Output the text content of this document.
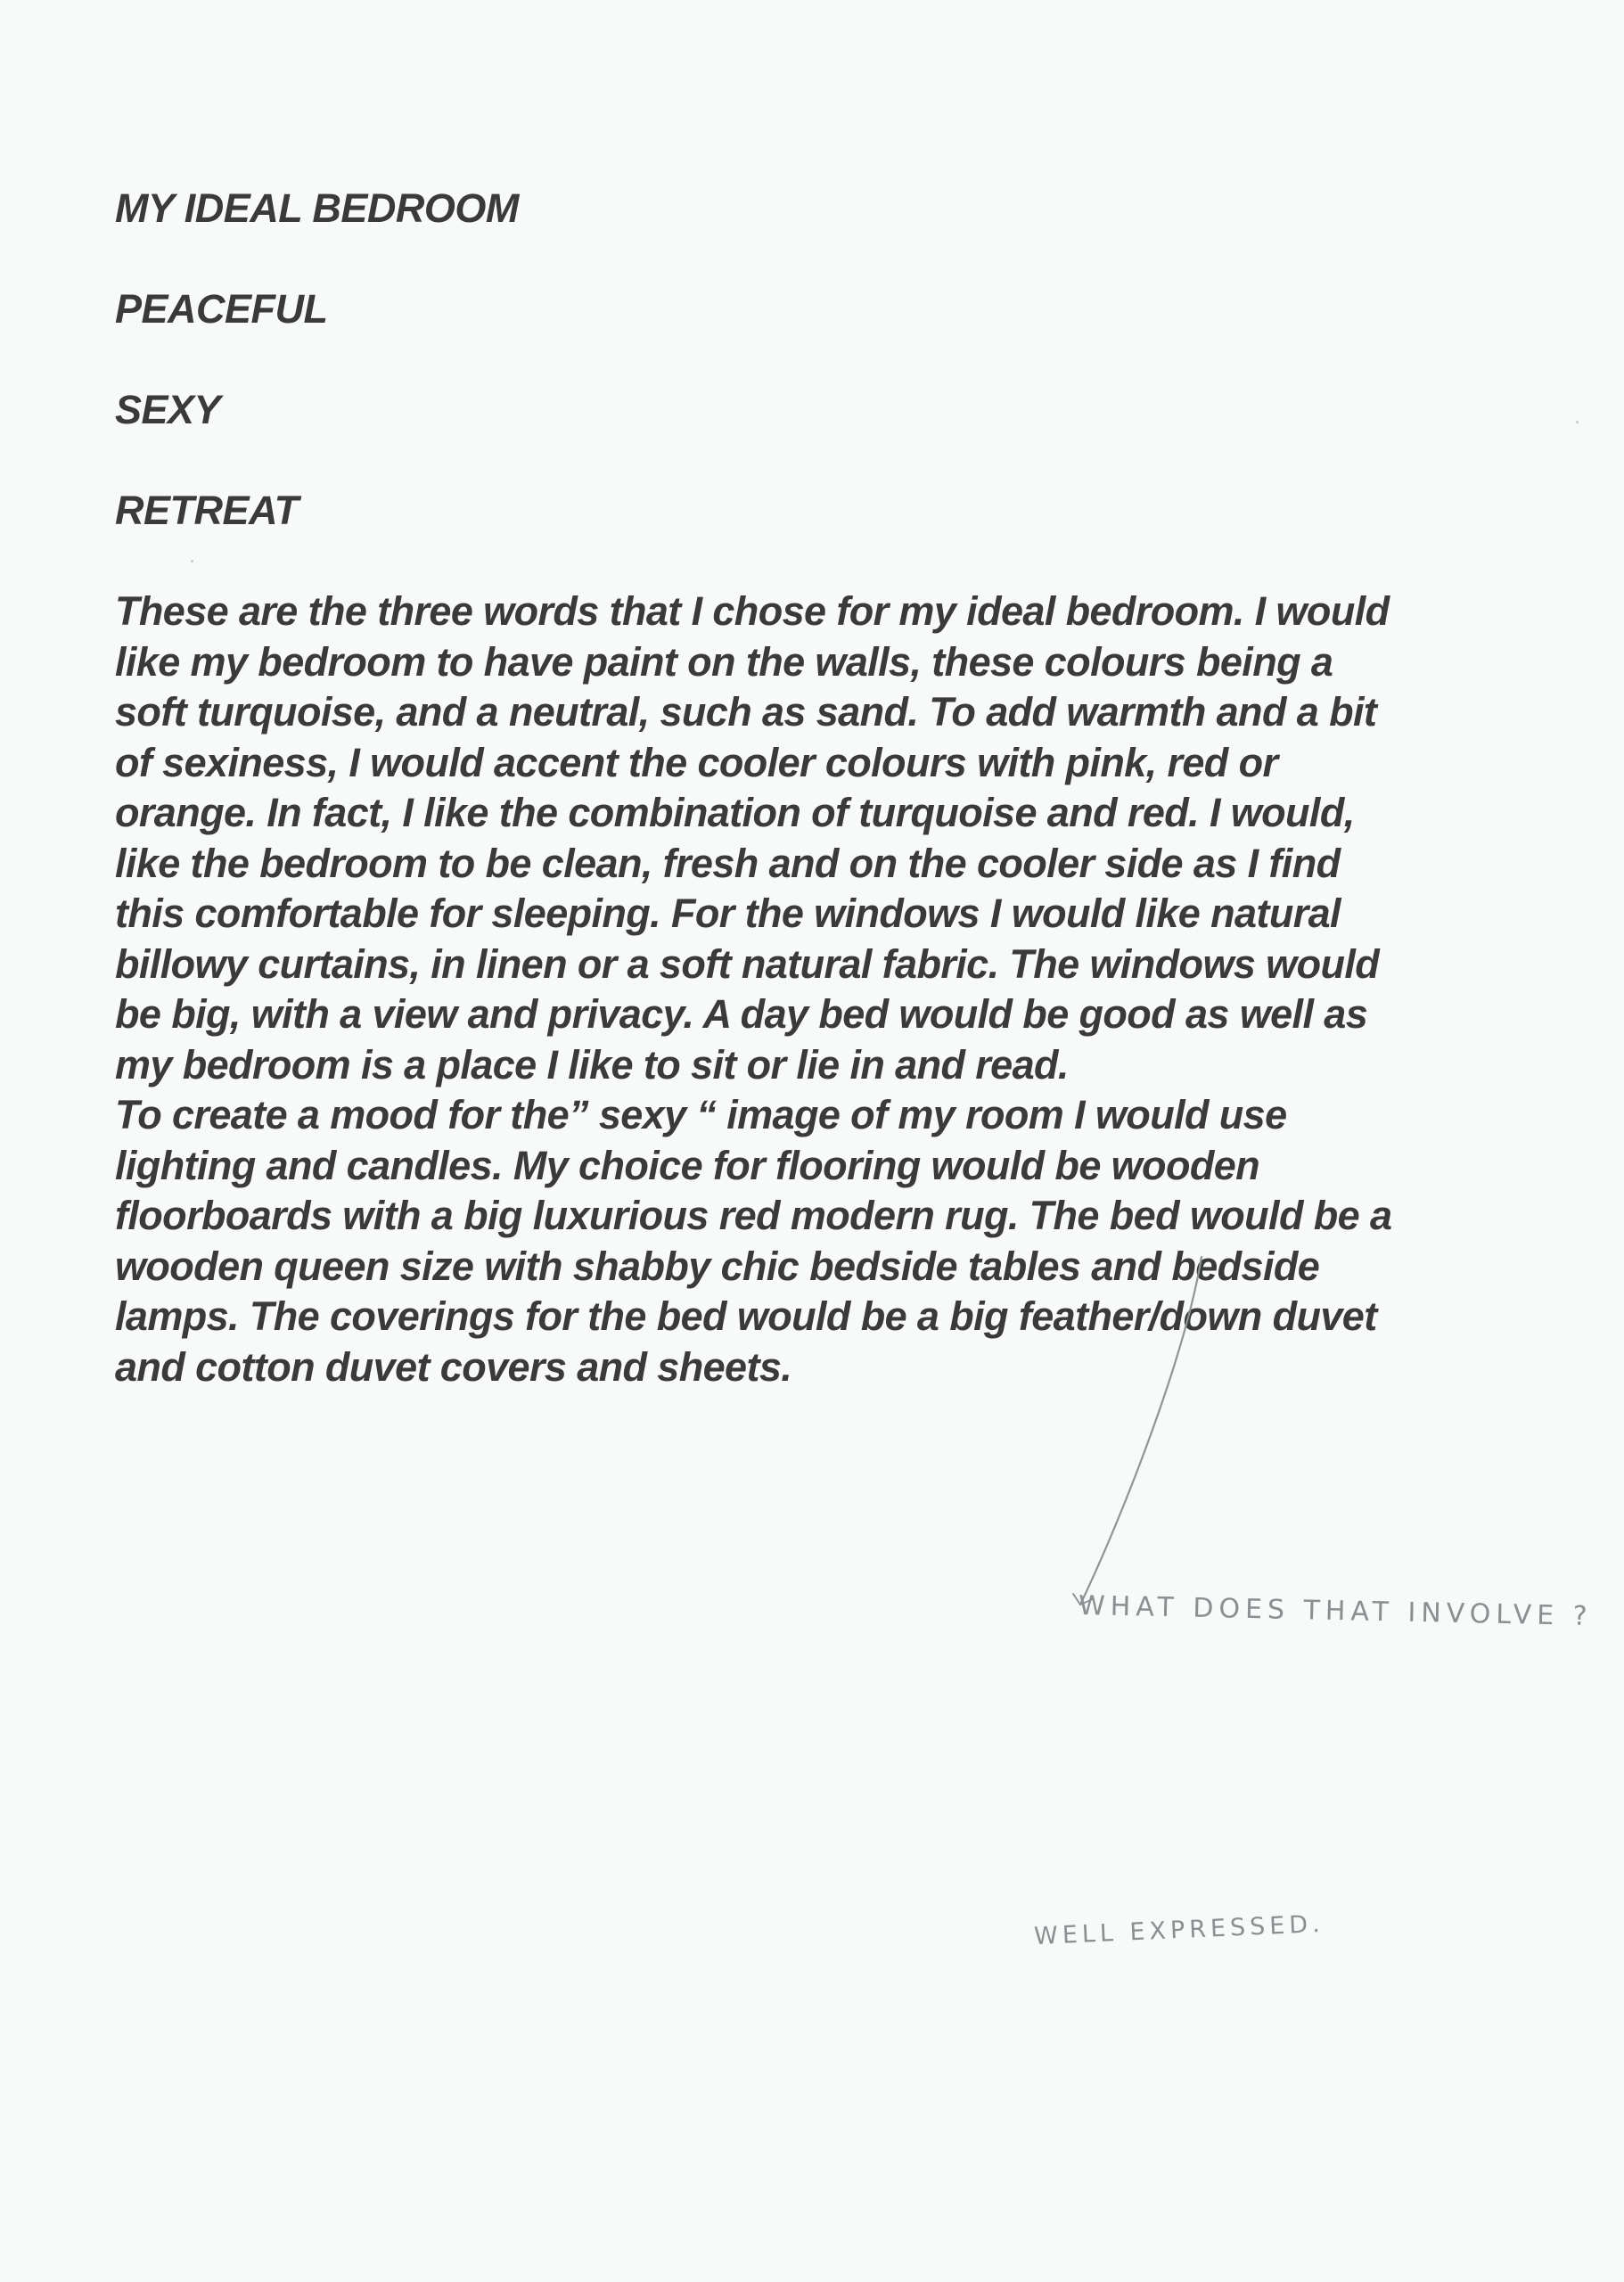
MY IDEAL BEDROOM
PEACEFUL
SEXY
RETREAT
These are the three words that I chose for my ideal bedroom. I would
like my bedroom to have paint on the walls, these colours being a
soft turquoise, and a neutral, such as sand. To add warmth and a bit
of sexiness, I would accent the cooler colours with pink, red or
orange. In fact, I like the combination of turquoise and red. I would,
like the bedroom to be clean, fresh and on the cooler side as I find
this comfortable for sleeping. For the windows I would like natural
billowy curtains, in linen or a soft natural fabric. The windows would
be big, with a view and privacy. A day bed would be good as well as
my bedroom is a place I like to sit or lie in and read.
To create a mood for the” sexy “ image of my room I would use
lighting and candles. My choice for flooring would be wooden
floorboards with a big luxurious red modern rug. The bed would be a
wooden queen size with shabby chic bedside tables and bedside
lamps. The coverings for the bed would be a big feather/down duvet
and cotton duvet covers and sheets.
WHAT DOES THAT INVOLVE ?
WELL EXPRESSED.
